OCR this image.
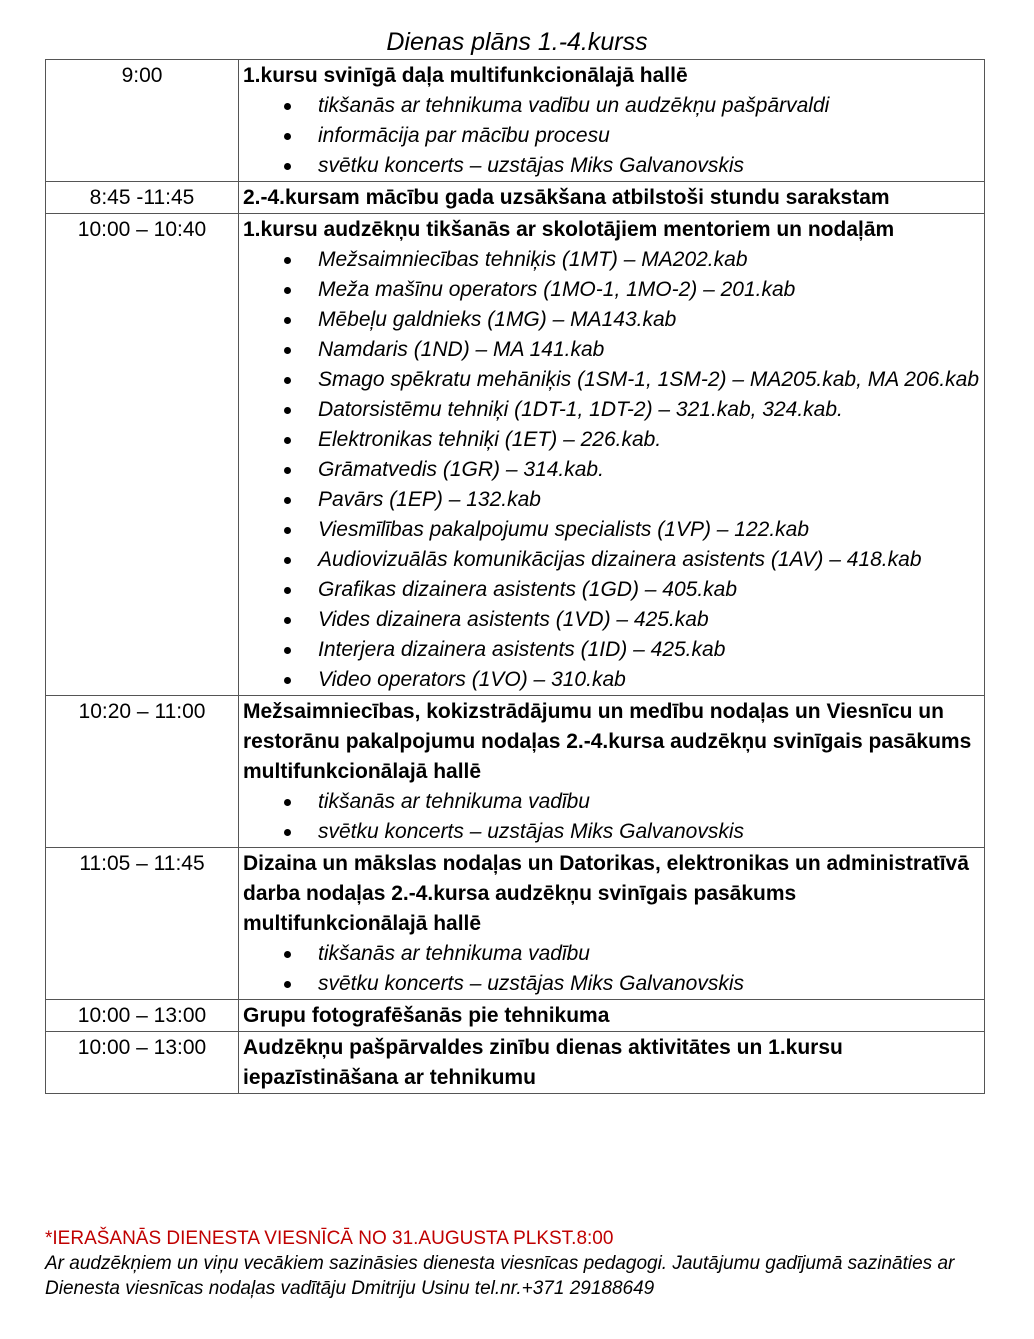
Dienas plāns 1.-4.kurss
9:00	1.kursu svinīgā daļa multifunkcionālajā hallē
tikšanās ar tehnikuma vadību un audzēkņu pašpārvaldi
informācija par mācību procesu
svētku koncerts – uzstājas Miks Galvanovskis

8:45 -11:45	2.-4.kursam mācību gada uzsākšana atbilstoši stundu sarakstam

10:00 – 10:40	1.kursu audzēkņu tikšanās ar skolotājiem mentoriem un nodaļām
Mežsaimniecības tehniķis (1MT) – MA202.kab
Meža mašīnu operators (1MO-1, 1MO-2) – 201.kab
Mēbeļu galdnieks (1MG) – MA143.kab
Namdaris (1ND) – MA 141.kab
Smago spēkratu mehāniķis (1SM-1, 1SM-2) – MA205.kab, MA 206.kab
Datorsistēmu tehniķi (1DT-1, 1DT-2) – 321.kab, 324.kab.
Elektronikas tehniķi (1ET) – 226.kab.
Grāmatvedis (1GR) – 314.kab.
Pavārs (1EP) – 132.kab
Viesmīlības pakalpojumu specialists (1VP) – 122.kab
Audiovizuālās komunikācijas dizainera asistents (1AV) – 418.kab
Grafikas dizainera asistents (1GD) – 405.kab
Vides dizainera asistents (1VD) – 425.kab
Interjera dizainera asistents (1ID) – 425.kab
Video operators (1VO) – 310.kab

10:20 – 11:00	Mežsaimniecības, kokizstrādājumu un medību nodaļas un Viesnīcu un restorānu pakalpojumu nodaļas 2.-4.kursa audzēkņu svinīgais pasākums multifunkcionālajā hallē
tikšanās ar tehnikuma vadību
svētku koncerts – uzstājas Miks Galvanovskis

11:05 – 11:45	Dizaina un mākslas nodaļas un Datorikas, elektronikas un administratīvā darba nodaļas 2.-4.kursa audzēkņu svinīgais pasākums multifunkcionālajā hallē
tikšanās ar tehnikuma vadību
svētku koncerts – uzstājas Miks Galvanovskis

10:00 – 13:00	Grupu fotografēšanās pie tehnikuma

10:00 – 13:00	Audzēkņu pašpārvaldes zinību dienas aktivitātes un 1.kursu iepazīstināšana ar tehnikumu
*IERAŠANĀS DIENESTA VIESNĪCĀ NO 31.AUGUSTA PLKST.8:00
Ar audzēkņiem un viņu vecākiem sazināsies dienesta viesnīcas pedagogi. Jautājumu gadījumā sazināties ar Dienesta viesnīcas nodaļas vadītāju Dmitriju Usinu tel.nr.+371 29188649
